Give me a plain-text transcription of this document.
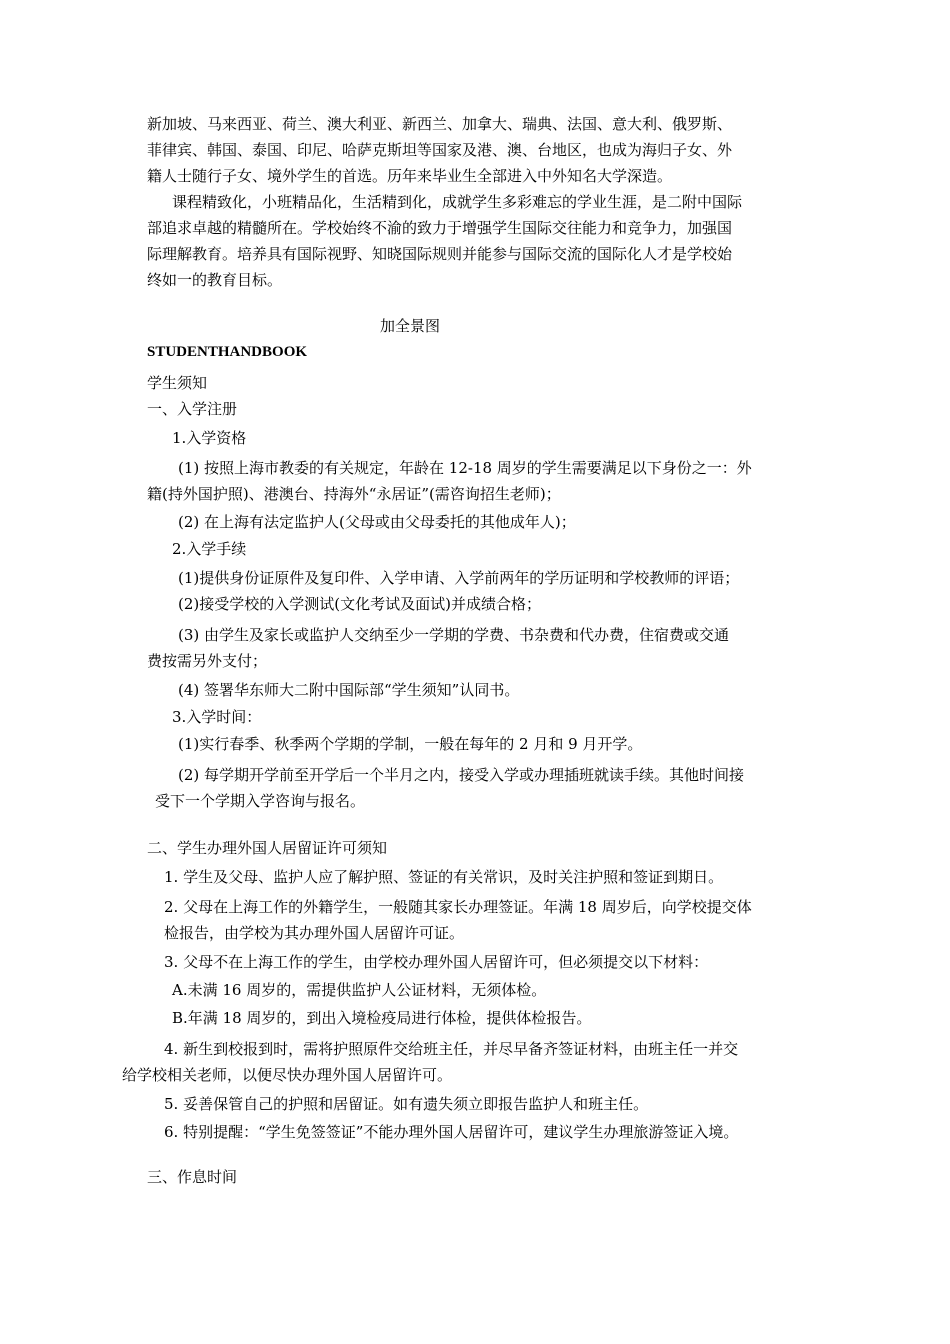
新加坡、马来西亚、荷兰、澳大利亚、新西兰、加拿大、瑞典、法国、意大利、俄罗斯、
菲律宾、韩国、泰国、印尼、哈萨克斯坦等国家及港、澳、台地区，也成为海归子女、外
籍人士随行子女、境外学生的首选。历年来毕业生全部进入中外知名大学深造。
课程精致化，小班精品化，生活精到化，成就学生多彩难忘的学业生涯，是二附中国际
部追求卓越的精髓所在。学校始终不渝的致力于增强学生国际交往能力和竞争力，加强国
际理解教育。培养具有国际视野、知晓国际规则并能参与国际交流的国际化人才是学校始
终如一的教育目标。
加全景图
STUDENTHANDBOOK
学生须知
一、入学注册
1.入学资格
(1) 按照上海市教委的有关规定，年龄在 12-18 周岁的学生需要满足以下身份之一：外
籍(持外国护照)、港澳台、持海外“永居证”(需咨询招生老师)；
(2) 在上海有法定监护人(父母或由父母委托的其他成年人)；
2.入学手续
(1)提供身份证原件及复印件、入学申请、入学前两年的学历证明和学校教师的评语；
(2)接受学校的入学测试(文化考试及面试)并成绩合格；
(3) 由学生及家长或监护人交纳至少一学期的学费、书杂费和代办费，住宿费或交通
费按需另外支付；
(4) 签署华东师大二附中国际部“学生须知”认同书。
3.入学时间：
(1)实行春季、秋季两个学期的学制，一般在每年的 2 月和 9 月开学。
(2) 每学期开学前至开学后一个半月之内，接受入学或办理插班就读手续。其他时间接
受下一个学期入学咨询与报名。
二、学生办理外国人居留证许可须知
1. 学生及父母、监护人应了解护照、签证的有关常识，及时关注护照和签证到期日。
2. 父母在上海工作的外籍学生，一般随其家长办理签证。年满 18 周岁后，向学校提交体
检报告，由学校为其办理外国人居留许可证。
3. 父母不在上海工作的学生，由学校办理外国人居留许可，但必须提交以下材料：
A.未满 16 周岁的，需提供监护人公证材料，无须体检。
B.年满 18 周岁的，到出入境检疫局进行体检，提供体检报告。
4. 新生到校报到时，需将护照原件交给班主任，并尽早备齐签证材料，由班主任一并交
给学校相关老师，以便尽快办理外国人居留许可。
5. 妥善保管自己的护照和居留证。如有遗失须立即报告监护人和班主任。
6. 特别提醒：“学生免签签证”不能办理外国人居留许可，建议学生办理旅游签证入境。
三、作息时间
